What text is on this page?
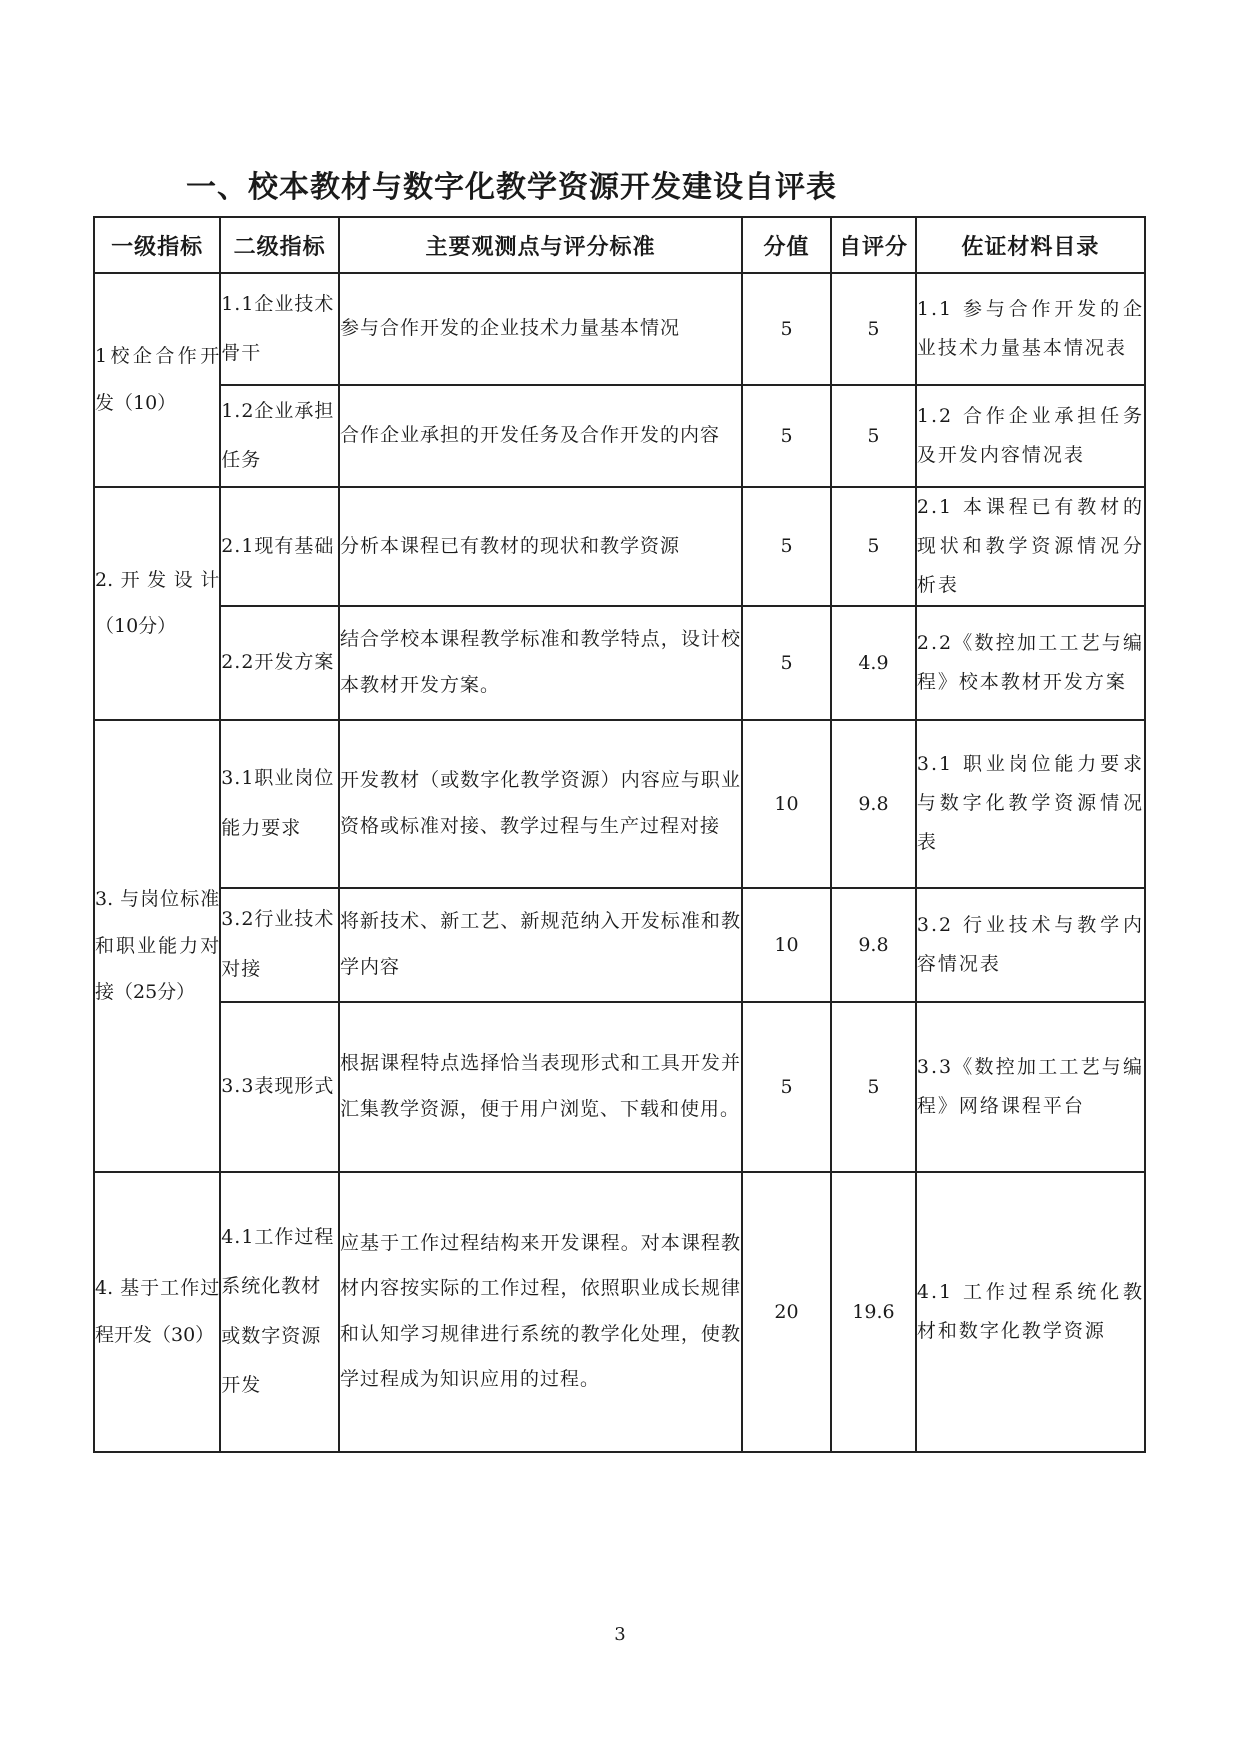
一、校本教材与数字化教学资源开发建设自评表
一级指标	二级指标	主要观测点与评分标准	分值	自评分	佐证材料目录

1校企合作开发（10）	1.1企业技术骨干	参与合作开发的企业技术力量基本情况	5	5	1.1 参与合作开发的企业技术力量基本情况表

	1.2企业承担任务	合作企业承担的开发任务及合作开发的内容	5	5	1.2 合作企业承担任务及开发内容情况表

2.开发设计（10分）	2.1现有基础	分析本课程已有教材的现状和教学资源	5	5	2.1 本课程已有教材的现状和教学资源情况分析表

	2.2开发方案	结合学校本课程教学标准和教学特点，设计校本教材开发方案。	5	4.9	2.2《数控加工工艺与编程》校本教材开发方案

3. 与岗位标准和职业能力对接（25分）	3.1职业岗位能力要求	开发教材（或数字化教学资源）内容应与职业资格或标准对接、教学过程与生产过程对接	10	9.8	3.1 职业岗位能力要求与数字化教学资源情况表

	3.2行业技术对接	将新技术、新工艺、新规范纳入开发标准和教学内容	10	9.8	3.2 行业技术与教学内容情况表

	3.3表现形式	根据课程特点选择恰当表现形式和工具开发并汇集教学资源，便于用户浏览、下载和使用。	5	5	3.3《数控加工工艺与编程》网络课程平台

4. 基于工作过程开发（30）	4.1工作过程系统化教材或数字资源开发	应基于工作过程结构来开发课程。对本课程教材内容按实际的工作过程，依照职业成长规律和认知学习规律进行系统的教学化处理，使教学过程成为知识应用的过程。	20	19.6	4.1 工作过程系统化教材和数字化教学资源
3
